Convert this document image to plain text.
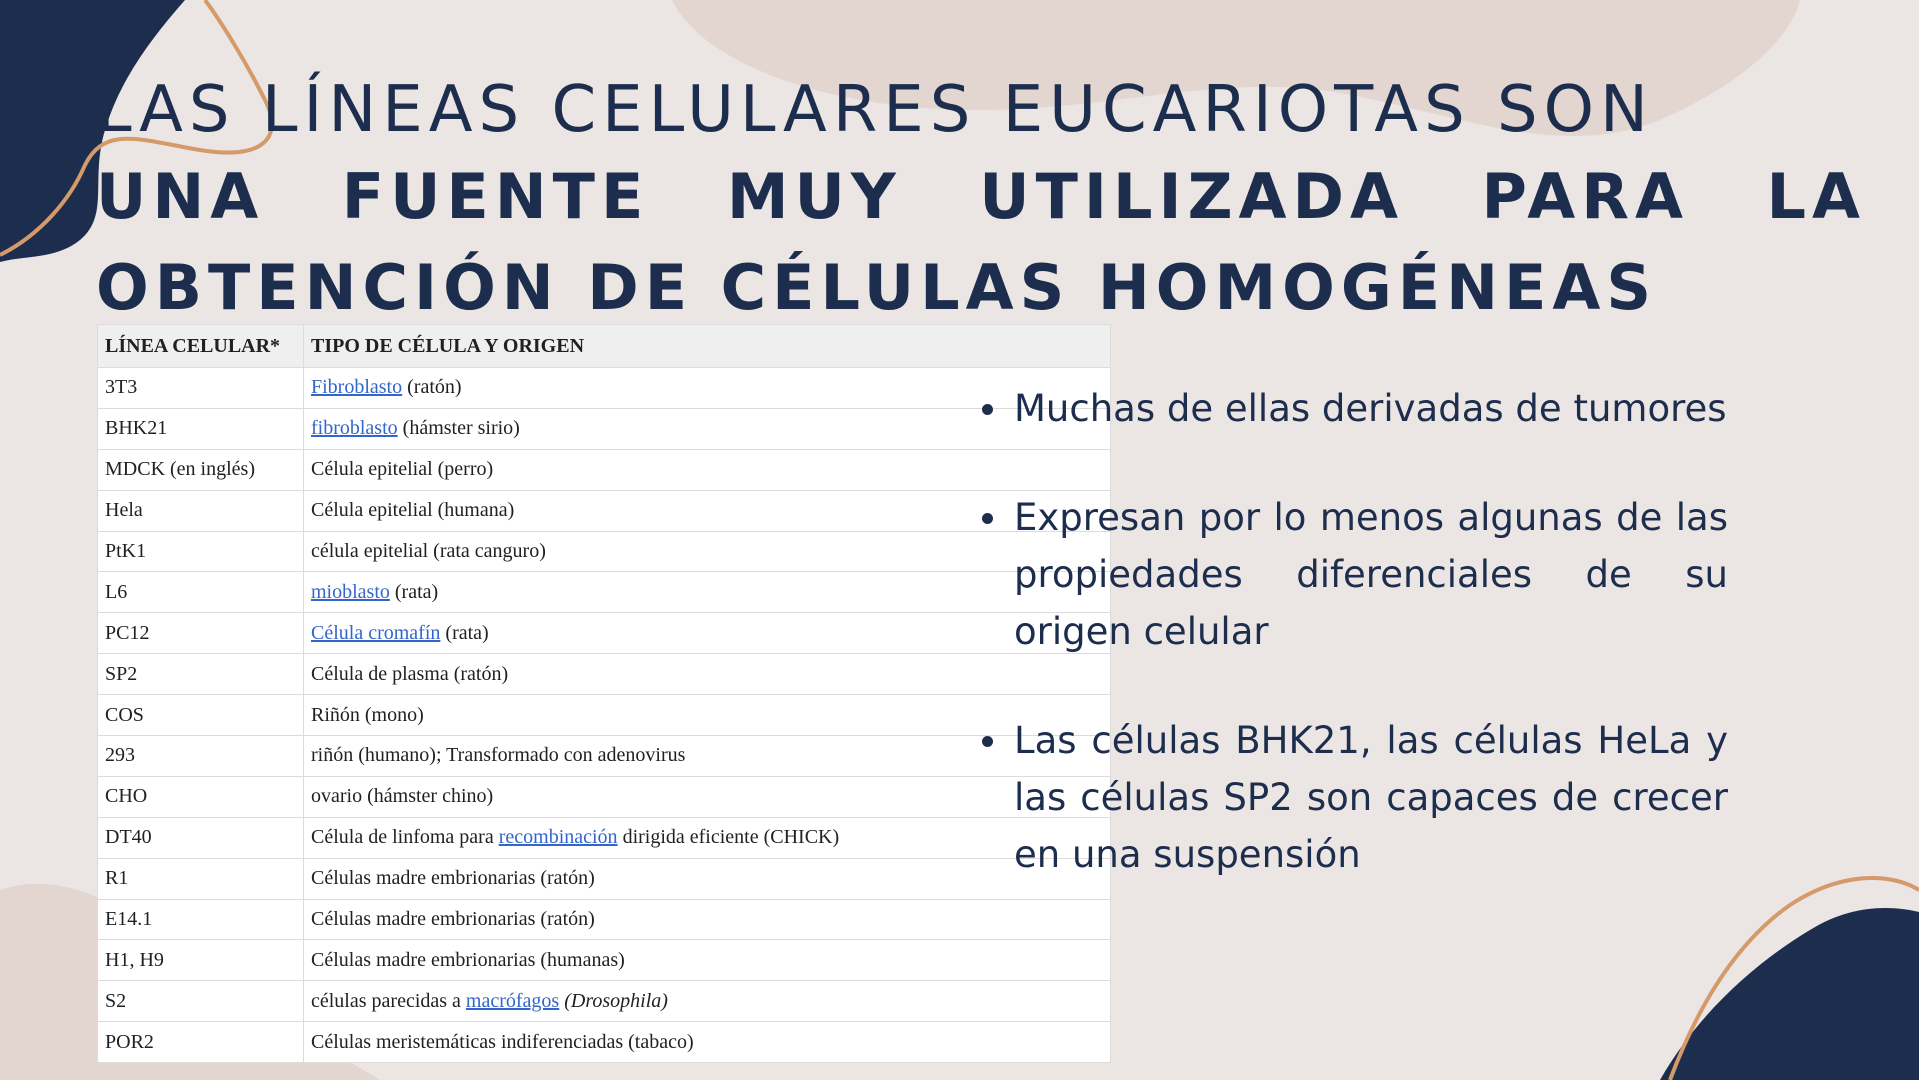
LAS LÍNEAS CELULARES EUCARIOTAS SON
UNA FUENTE MUY UTILIZADA PARA LA
OBTENCIÓN DE CÉLULAS HOMOGÉNEAS
LÍNEA CELULAR*	TIPO DE CÉLULA Y ORIGEN
3T3	Fibroblasto (ratón)
BHK21	fibroblasto (hámster sirio)
MDCK (en inglés)	Célula epitelial (perro)
Hela	Célula epitelial (humana)
PtK1	célula epitelial (rata canguro)
L6	mioblasto (rata)
PC12	Célula cromafín (rata)
SP2	Célula de plasma (ratón)
COS	Riñón (mono)
293	riñón (humano); Transformado con adenovirus
CHO	ovario (hámster chino)
DT40	Célula de linfoma para recombinación dirigida eficiente (CHICK)
R1	Células madre embrionarias (ratón)
E14.1	Células madre embrionarias (ratón)
H1, H9	Células madre embrionarias (humanas)
S2	células parecidas a macrófagos (Drosophila)
POR2	Células meristemáticas indiferenciadas (tabaco)
Muchas de ellas derivadas de tumores
Expresan por lo menos algunas de las propiedades diferenciales de su origen celular
Las células BHK21, las células HeLa y las células SP2 son capaces de crecer en una suspensión
